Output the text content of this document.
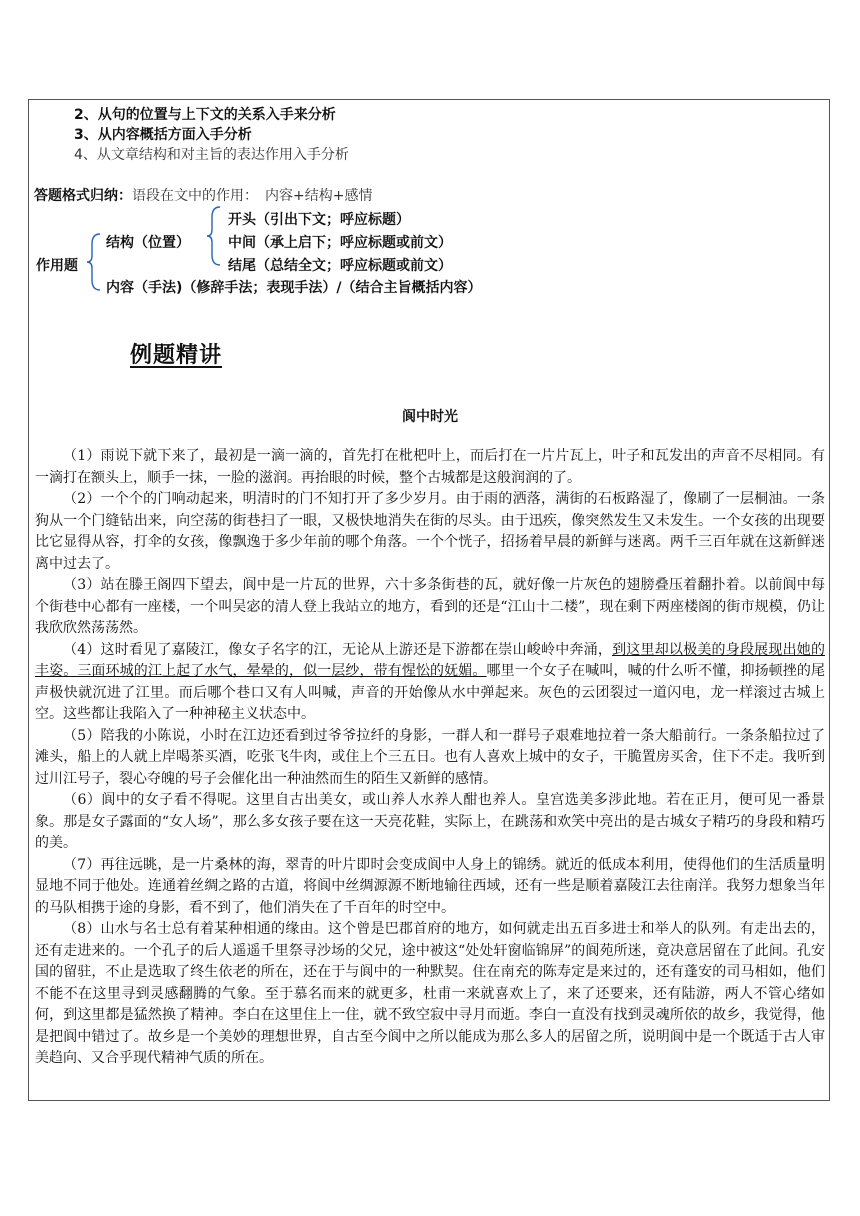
2、从句的位置与上下文的关系入手来分析
3、从内容概括方面入手分析
4、从文章结构和对主旨的表达作用入手分析
答题格式归纳：语段在文中的作用：　内容+结构+感情
作用题
结构（位置）
开头（引出下文；呼应标题）
中间（承上启下；呼应标题或前文）
结尾（总结全文；呼应标题或前文）
内容（手法)（修辞手法；表现手法）/（结合主旨概括内容）
例题精讲
阆中时光

（1）雨说下就下来了，最初是一滴一滴的，首先打在枇杷叶上，而后打在一片片瓦上，叶子和瓦发出的声音不尽相同。有一滴打在额头上，顺手一抹，一脸的滋润。再抬眼的时候，整个古城都是这般润润的了。

（2）一个个的门响动起来，明清时的门不知打开了多少岁月。由于雨的洒落，满街的石板路湿了，像刷了一层桐油。一条狗从一个门缝钻出来，向空荡的街巷扫了一眼，又极快地消失在街的尽头。由于迅疾，像突然发生又未发生。一个女孩的出现要比它显得从容，打伞的女孩，像飘逸于多少年前的哪个角落。一个个恍子，招扬着早晨的新鲜与迷离。两千三百年就在这新鲜迷离中过去了。

（3）站在滕王阁四下望去，阆中是一片瓦的世界，六十多条街巷的瓦，就好像一片灰色的翅膀叠压着翻扑着。以前阆中每个街巷中心都有一座楼，一个叫吴宓的清人登上我站立的地方，看到的还是“江山十二楼”，现在剩下两座楼阁的街市规模，仍让我欣欣然荡荡然。

（4）这时看见了嘉陵江，像女子名字的江，无论从上游还是下游都在崇山峻岭中奔涌，到这里却以极美的身段展现出她的丰姿。三面环城的江上起了水气，晕晕的，似一层纱，带有惺忪的妩媚。哪里一个女子在喊叫，喊的什么听不懂，抑扬顿挫的尾声极快就沉进了江里。而后哪个巷口又有人叫喊，声音的开始像从水中弹起来。灰色的云团裂过一道闪电，龙一样滚过古城上空。这些都让我陷入了一种神秘主义状态中。

（5）陪我的小陈说，小时在江边还看到过爷爷拉纤的身影，一群人和一群号子艰难地拉着一条大船前行。一条条船拉过了滩头，船上的人就上岸喝茶买酒，吃张飞牛肉，或住上个三五日。也有人喜欢上城中的女子，干脆置房买舍，住下不走。我听到过川江号子，裂心夺魄的号子会催化出一种油然而生的陌生又新鲜的感情。

（6）阆中的女子看不得呢。这里自古出美女，或山养人水养人酣也养人。皇宫选美多涉此地。若在正月，便可见一番景象。那是女子露面的“女人场”，那么多女孩子要在这一天亮花鞋，实际上，在跳荡和欢笑中亮出的是古城女子精巧的身段和精巧的美。

（7）再往远眺，是一片桑林的海，翠青的叶片即时会变成阆中人身上的锦绣。就近的低成本利用，使得他们的生活质量明显地不同于他处。连通着丝绸之路的古道，将阆中丝绸源源不断地输往西域，还有一些是顺着嘉陵江去往南洋。我努力想象当年的马队相携于途的身影，看不到了，他们消失在了千百年的时空中。

（8）山水与名士总有着某种相通的缘由。这个曾是巴郡首府的地方，如何就走出五百多进士和举人的队列。有走出去的，还有走进来的。一个孔子的后人遥遥千里祭寻沙场的父兄，途中被这“处处轩窗临锦屏”的阆苑所迷，竟决意居留在了此间。孔安国的留驻，不止是选取了终生依老的所在，还在于与阆中的一种默契。住在南充的陈寿定是来过的，还有蓬安的司马相如，他们不能不在这里寻到灵感翻腾的气象。至于慕名而来的就更多，杜甫一来就喜欢上了，来了还要来，还有陆游，两人不管心绪如何，到这里都是猛然换了精神。李白在这里住上一住，就不致空寂中寻月而逝。李白一直没有找到灵魂所依的故乡，我觉得，他是把阆中错过了。故乡是一个美妙的理想世界，自古至今阆中之所以能成为那么多人的居留之所，说明阆中是一个既适于古人审美趋向、又合乎现代精神气质的所在。
